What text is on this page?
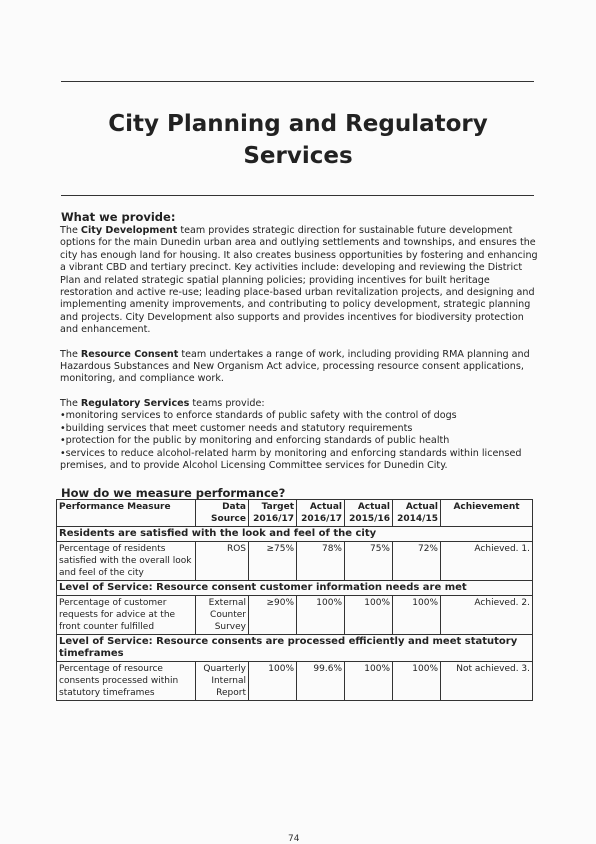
City Planning and Regulatory
Services
What we provide:

The City Development team provides strategic direction for sustainable future development options for the main Dunedin urban area and outlying settlements and townships, and ensures the city has enough land for housing. It also creates business opportunities by fostering and enhancing a vibrant CBD and tertiary precinct. Key activities include: developing and reviewing the District Plan and related strategic spatial planning policies; providing incentives for built heritage restoration and active re-use; leading place-based urban revitalization projects, and designing and implementing amenity improvements, and contributing to policy development, strategic planning and projects. City Development also supports and provides incentives for biodiversity protection and enhancement.

The Resource Consent team undertakes a range of work, including providing RMA planning and Hazardous Substances and New Organism Act advice, processing resource consent applications, monitoring, and compliance work.

The Regulatory Services teams provide:

• monitoring services to enforce standards of public safety with the control of dogs
• building services that meet customer needs and statutory requirements
• protection for the public by monitoring and enforcing standards of public health
• services to reduce alcohol-related harm by monitoring and enforcing standards within licensed premises, and to provide Alcohol Licensing Committee services for Dunedin City.
How do we measure performance?
Performance Measure	Data Source	Target 2016/17	Actual 2016/17	Actual 2015/16	Actual 2014/15	Achievement
Residents are satisfied with the look and feel of the city						
Percentage of residents satisfied with the overall look and feel of the city	ROS	≥75%	78%	75%	72%	Achieved. 1.
Level of Service: Resource consent customer information needs are met						
Percentage of customer requests for advice at the front counter fulfilled	External Counter Survey	≥90%	100%	100%	100%	Achieved. 2.
Level of Service: Resource consents are processed efficiently and meet statutory timeframes						
Percentage of resource consents processed within statutory timeframes	Quarterly Internal Report	100%	99.6%	100%	100%	Not achieved. 3.
74
